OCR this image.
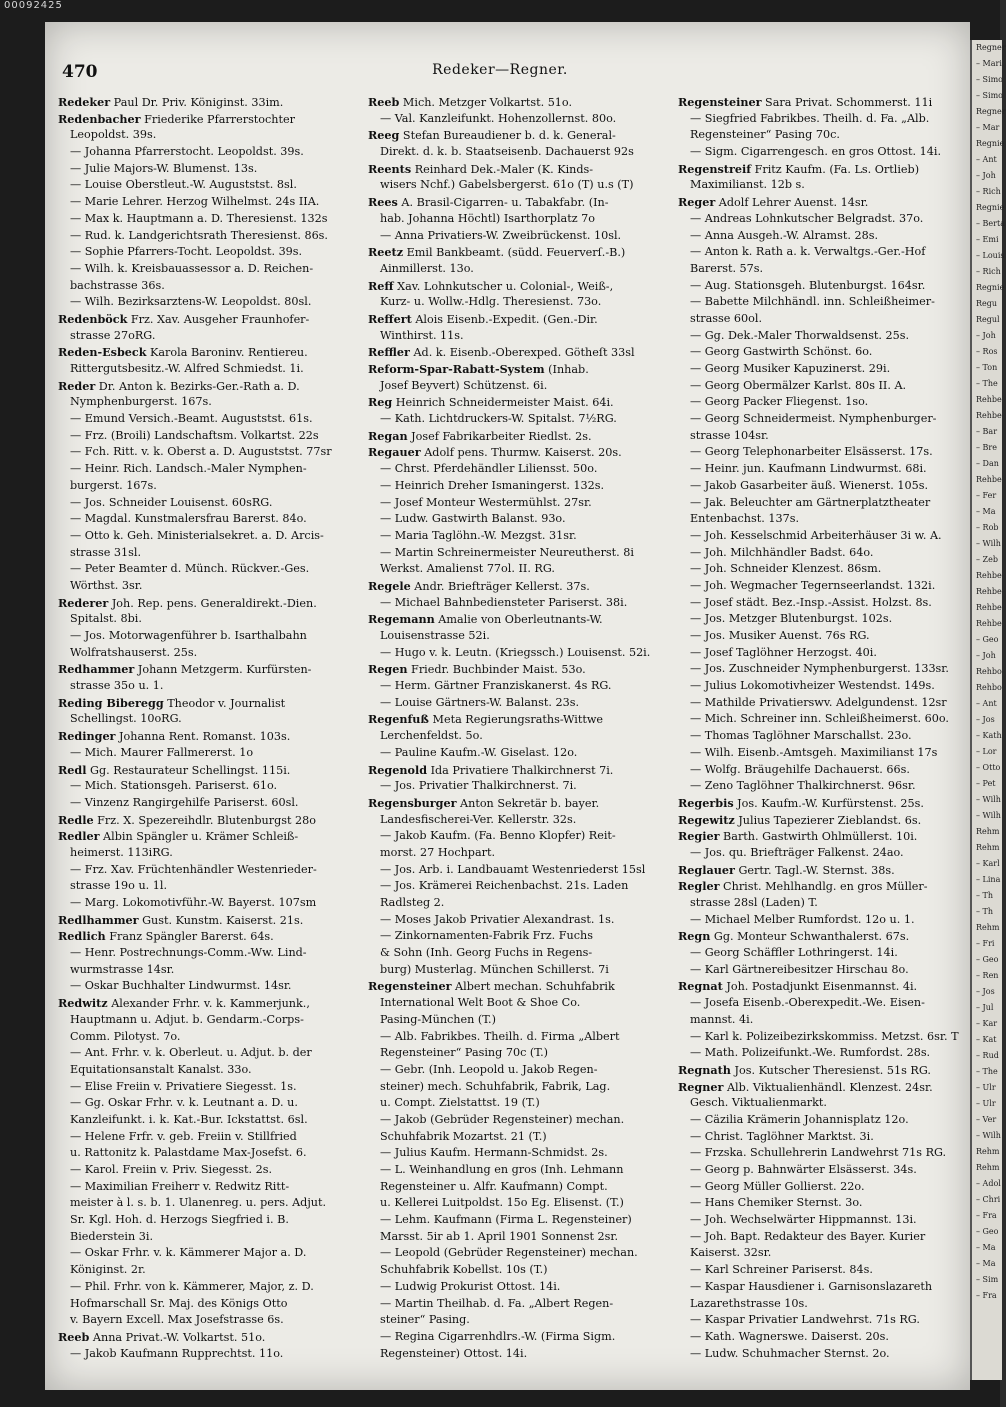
00092425
Regner
– Mari
– Simo
– Simo
Regner
– Mar
Regnie
– Ant
– Joh
– Rich
Regnie
– Berta
– Emi
– Louis
– Rich
Regnie
Regu
Regul
– Joh
– Ros
– Ton
– The
Rehbe
Rehbe
– Bar
– Bre
– Dan
Rehbe
– Fer
– Ma
– Rob
– Wilh
– Zeb
Rehbe
Rehbe
Rehbe
Rehbe
– Geo
– Joh
Rehbo
Rehbo
– Ant
– Jos
– Kath
– Lor
– Otto
– Pet
– Wilh
– Wilh
Rehm
Rehm
– Karl
– Lina
– Th
– Th
Rehm
– Fri
– Geo
– Ren
– Jos
– Jul
– Kar
– Kat
– Rud
– The
– Ulr
– Ulr
– Ver
– Wilh
Rehm
Rehm
– Adol
– Chri
– Fra
– Geo
– Ma
– Ma
– Sim
– Fra
470	Redeker—Regner.
Redeker Paul Dr. Priv. Königinst. 33im.
Redenbacher Friederike Pfarrerstochter
Leopoldst. 39s.
— Johanna Pfarrerstocht. Leopoldst. 39s.
— Julie Majors-W. Blumenst. 13s.
— Louise Oberstleut.-W. Auguststst. 8sl.
— Marie Lehrer. Herzog Wilhelmst. 24s IIA.
— Max k. Hauptmann a. D. Theresienst. 132s
— Rud. k. Landgerichtsrath Theresienst. 86s.
— Sophie Pfarrers-Tocht. Leopoldst. 39s.
— Wilh. k. Kreisbauassessor a. D. Reichen-
bachstrasse 36s.
— Wilh. Bezirksarztens-W. Leopoldst. 80sl.
Redenböck Frz. Xav. Ausgeher Fraunhofer-
strasse 27oRG.
Reden-Esbeck Karola Baroninv. Rentiereu.
Rittergutsbesitz.-W. Alfred Schmiedst. 1i.
Reder Dr. Anton k. Bezirks-Ger.-Rath a. D.
Nymphenburgerst. 167s.
— Emund Versich.-Beamt. Auguststst. 61s.
— Frz. (Broili) Landschaftsm. Volkartst. 22s
— Fch. Ritt. v. k. Oberst a. D. Auguststst. 77sr
— Heinr. Rich. Landsch.-Maler Nymphen-
burgerst. 167s.
— Jos. Schneider Louisenst. 60sRG.
— Magdal. Kunstmalersfrau Barerst. 84o.
— Otto k. Geh. Ministerialsekret. a. D. Arcis-
strasse 31sl.
— Peter Beamter d. Münch. Rückver.-Ges.
Wörthst. 3sr.
Rederer Joh. Rep. pens. Generaldirekt.-Dien.
Spitalst. 8bi.
— Jos. Motorwagenführer b. Isarthalbahn
Wolfratshauserst. 25s.
Redhammer Johann Metzgerm. Kurfürsten-
strasse 35o u. 1.
Reding Biberegg Theodor v. Journalist
Schellingst. 10oRG.
Redinger Johanna Rent. Romanst. 103s.
— Mich. Maurer Fallmererst. 1o
Redl Gg. Restaurateur Schellingst. 115i.
— Mich. Stationsgeh. Pariserst. 61o.
— Vinzenz Rangirgehilfe Pariserst. 60sl.
Redle Frz. X. Spezereihdlr. Blutenburgst 28o
Redler Albin Spängler u. Krämer Schleiß-
heimerst. 113iRG.
— Frz. Xav. Früchtenhändler Westenrieder-
strasse 19o u. 1l.
— Marg. Lokomotivführ.-W. Bayerst. 107sm
Redlhammer Gust. Kunstm. Kaiserst. 21s.
Redlich Franz Spängler Barerst. 64s.
— Henr. Postrechnungs-Comm.-Ww. Lind-
wurmstrasse 14sr.
— Oskar Buchhalter Lindwurmst. 14sr.
Redwitz Alexander Frhr. v. k. Kammerjunk.,
Hauptmann u. Adjut. b. Gendarm.-Corps-
Comm. Pilotyst. 7o.
— Ant. Frhr. v. k. Oberleut. u. Adjut. b. der
Equitationsanstalt Kanalst. 33o.
— Elise Freiin v. Privatiere Siegesst. 1s.
— Gg. Oskar Frhr. v. k. Leutnant a. D. u.
Kanzleifunkt. i. k. Kat.-Bur. Ickstattst. 6sl.
— Helene Frfr. v. geb. Freiin v. Stillfried
u. Rattonitz k. Palastdame Max-Josefst. 6.
— Karol. Freiin v. Priv. Siegesst. 2s.
— Maximilian Freiherr v. Redwitz Ritt-
meister à l. s. b. 1. Ulanenreg. u. pers. Adjut.
Sr. Kgl. Hoh. d. Herzogs Siegfried i. B.
Biederstein 3i.
— Oskar Frhr. v. k. Kämmerer Major a. D.
Königinst. 2r.
— Phil. Frhr. von k. Kämmerer, Major, z. D.
Hofmarschall Sr. Maj. des Königs Otto
v. Bayern Excell. Max Josefstrasse 6s.
Reeb Anna Privat.-W. Volkartst. 51o.
— Jakob Kaufmann Rupprechtst. 11o.
Reeb Mich. Metzger Volkartst. 51o.
— Val. Kanzleifunkt. Hohenzollernst. 80o.
Reeg Stefan Bureaudiener b. d. k. General-
Direkt. d. k. b. Staatseisenb. Dachauerst 92s
Reents Reinhard Dek.-Maler (K. Kinds-
wisers Nchf.) Gabelsbergerst. 61o (T) u.s (T)
Rees A. Brasil-Cigarren- u. Tabakfabr. (In-
hab. Johanna Höchtl) Isarthorplatz 7o
— Anna Privatiers-W. Zweibrückenst. 10sl.
Reetz Emil Bankbeamt. (südd. Feuerverſ.-B.)
Ainmillerst. 13o.
Reff Xav. Lohnkutscher u. Colonial-, Weiß-,
Kurz- u. Wollw.-Hdlg. Theresienst. 73o.
Reffert Alois Eisenb.-Expedit. (Gen.-Dir.
Winthirst. 11s.
Reffler Ad. k. Eisenb.-Oberexped. Götheſt 33sl
Reform-Spar-Rabatt-System (Inhab.
Josef Beyvert) Schützenst. 6i.
Reg Heinrich Schneidermeister Maist. 64i.
— Kath. Lichtdruckers-W. Spitalst. 7½RG.
Regan Josef Fabrikarbeiter Riedlst. 2s.
Regauer Adolf pens. Thurmw. Kaiserst. 20s.
— Chrst. Pferdehändler Liliensst. 50o.
— Heinrich Dreher Ismaningerst. 132s.
— Josef Monteur Westermühlst. 27sr.
— Ludw. Gastwirth Balanst. 93o.
— Maria Taglöhn.-W. Mezgst. 31sr.
— Martin Schreinermeister Neureutherst. 8i
Werkst. Amalienst 77ol. II. RG.
Regele Andr. Briefträger Kellerst. 37s.
— Michael Bahnbediensteter Pariserst. 38i.
Regemann Amalie von Oberleutnants-W.
Louisenstrasse 52i.
— Hugo v. k. Leutn. (Kriegssch.) Louisenst. 52i.
Regen Friedr. Buchbinder Maist. 53o.
— Herm. Gärtner Franziskanerst. 4s RG.
— Louise Gärtners-W. Balanst. 23s.
Regenfuß Meta Regierungsraths-Wittwe
Lerchenfeldst. 5o.
— Pauline Kaufm.-W. Giselast. 12o.
Regenold Ida Privatiere Thalkirchnerst 7i.
— Jos. Privatier Thalkirchnerst. 7i.
Regensburger Anton Sekretär b. bayer.
Landesfischerei-Ver. Kellerstr. 32s.
— Jakob Kaufm. (Fa. Benno Klopfer) Reit-
morst. 27 Hochpart.
— Jos. Arb. i. Landbauamt Westenriederst 15sl
— Jos. Krämerei Reichenbachst. 21s. Laden
Radlsteg 2.
— Moses Jakob Privatier Alexandrast. 1s.
— Zinkornamenten-Fabrik Frz. Fuchs
& Sohn (Inh. Georg Fuchs in Regens-
burg) Musterlag. München Schillerst. 7i
Regensteiner Albert mechan. Schuhfabrik
International Welt Boot & Shoe Co.
Pasing-München (T.)
— Alb. Fabrikbes. Theilh. d. Firma „Albert
Regensteiner“ Pasing 70c (T.)
— Gebr. (Inh. Leopold u. Jakob Regen-
steiner) mech. Schuhfabrik, Fabrik, Lag.
u. Compt. Zielstattst. 19 (T.)
— Jakob (Gebrüder Regensteiner) mechan.
Schuhfabrik Mozartst. 21 (T.)
— Julius Kaufm. Hermann-Schmidst. 2s.
— L. Weinhandlung en gros (Inh. Lehmann
Regensteiner u. Alfr. Kaufmann) Compt.
u. Kellerei Luitpoldst. 15o Eg. Elisenst. (T.)
— Lehm. Kaufmann (Firma L. Regensteiner)
Marsst. 5ir ab 1. April 1901 Sonnenst 2sr.
— Leopold (Gebrüder Regensteiner) mechan.
Schuhfabrik Kobellst. 10s (T.)
— Ludwig Prokurist Ottost. 14i.
— Martin Theilhab. d. Fa. „Albert Regen-
steiner“ Pasing.
— Regina Cigarrenhdlrs.-W. (Firma Sigm.
Regensteiner) Ottost. 14i.
Regensteiner Sara Privat. Schommerst. 11i
— Siegfried Fabrikbes. Theilh. d. Fa. „Alb.
Regensteiner“ Pasing 70c.
— Sigm. Cigarrengesch. en gros Ottost. 14i.
Regenstreif Fritz Kaufm. (Fa. Ls. Ortlieb)
Maximilianst. 12b s.
Reger Adolf Lehrer Auenst. 14sr.
— Andreas Lohnkutscher Belgradst. 37o.
— Anna Ausgeh.-W. Alramst. 28s.
— Anton k. Rath a. k. Verwaltgs.-Ger.-Hof
Barerst. 57s.
— Aug. Stationsgeh. Blutenburgst. 164sr.
— Babette Milchhändl. inn. Schleißheimer-
strasse 60ol.
— Gg. Dek.-Maler Thorwaldsenst. 25s.
— Georg Gastwirth Schönst. 6o.
— Georg Musiker Kapuzinerst. 29i.
— Georg Obermälzer Karlst. 80s II. A.
— Georg Packer Fliegenst. 1so.
— Georg Schneidermeist. Nymphenburger-
strasse 104sr.
— Georg Telephonarbeiter Elsässerst. 17s.
— Heinr. jun. Kaufmann Lindwurmst. 68i.
— Jakob Gasarbeiter äuß. Wienerst. 105s.
— Jak. Beleuchter am Gärtnerplatztheater
Entenbachst. 137s.
— Joh. Kesselschmid Arbeiterhäuser 3i w. A.
— Joh. Milchhändler Badst. 64o.
— Joh. Schneider Klenzest. 86sm.
— Joh. Wegmacher Tegernseerlandst. 132i.
— Josef städt. Bez.-Insp.-Assist. Holzst. 8s.
— Jos. Metzger Blutenburgst. 102s.
— Jos. Musiker Auenst. 76s RG.
— Josef Taglöhner Herzogst. 40i.
— Jos. Zuschneider Nymphenburgerst. 133sr.
— Julius Lokomotivheizer Westendst. 149s.
— Mathilde Privatierswv. Adelgundenst. 12sr
— Mich. Schreiner inn. Schleißheimerst. 60o.
— Thomas Taglöhner Marschallst. 23o.
— Wilh. Eisenb.-Amtsgeh. Maximilianst 17s
— Wolfg. Bräugehilfe Dachauerst. 66s.
— Zeno Taglöhner Thalkirchnerst. 96sr.
Regerbis Jos. Kaufm.-W. Kurfürstenst. 25s.
Regewitz Julius Tapezierer Zieblandst. 6s.
Regier Barth. Gastwirth Ohlmüllerst. 10i.
— Jos. qu. Briefträger Falkenst. 24ao.
Reglauer Gertr. Tagl.-W. Sternst. 38s.
Regler Christ. Mehlhandlg. en gros Müller-
strasse 28sl (Laden) T.
— Michael Melber Rumfordst. 12o u. 1.
Regn Gg. Monteur Schwanthalerst. 67s.
— Georg Schäffler Lothringerst. 14i.
— Karl Gärtnereibesitzer Hirschau 8o.
Regnat Joh. Postadjunkt Eisenmannst. 4i.
— Josefa Eisenb.-Oberexpedit.-We. Eisen-
mannst. 4i.
— Karl k. Polizeibezirkskommiss. Metzst. 6sr. T
— Math. Polizeifunkt.-We. Rumfordst. 28s.
Regnath Jos. Kutscher Theresienst. 51s RG.
Regner Alb. Viktualienhändl. Klenzest. 24sr.
Gesch. Viktualienmarkt.
— Cäzilia Krämerin Johannisplatz 12o.
— Christ. Taglöhner Marktst. 3i.
— Frzska. Schullehrerin Landwehrst 71s RG.
— Georg p. Bahnwärter Elsässerst. 34s.
— Georg Müller Gollierst. 22o.
— Hans Chemiker Sternst. 3o.
— Joh. Wechselwärter Hippmannst. 13i.
— Joh. Bapt. Redakteur des Bayer. Kurier
Kaiserst. 32sr.
— Karl Schreiner Pariserst. 84s.
— Kaspar Hausdiener i. Garnisonslazareth
Lazarethstrasse 10s.
— Kaspar Privatier Landwehrst. 71s RG.
— Kath. Wagnerswe. Daiserst. 20s.
— Ludw. Schuhmacher Sternst. 2o.
